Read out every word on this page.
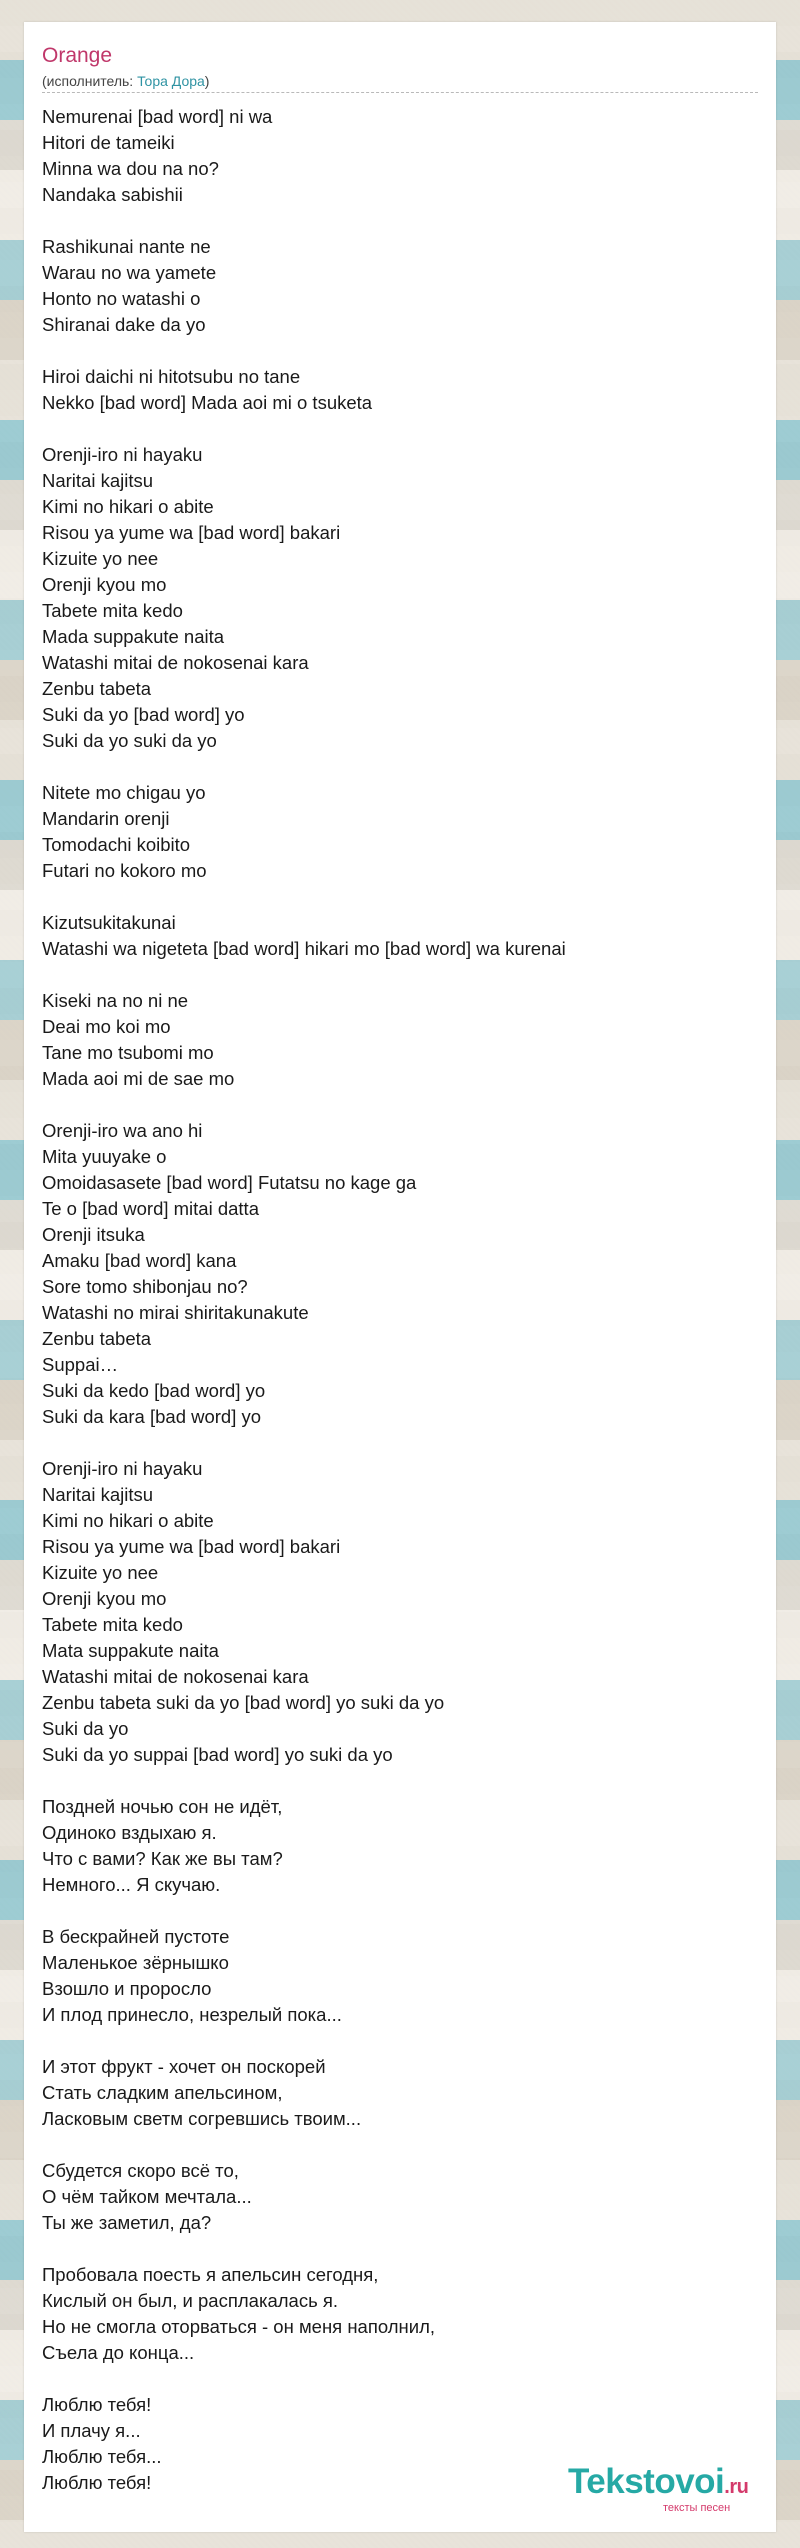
Orange
(исполнитель: Тора Дора)

Nemurenai [bad word] ni wa
Hitori de tameiki
Minna wa dou na no?
Nandaka sabishii

Rashikunai nante ne
Warau no wa yamete
Honto no watashi o
Shiranai dake da yo

Hiroi daichi ni hitotsubu no tane
Nekko [bad word] Mada aoi mi o tsuketa

Orenji-iro ni hayaku
Naritai kajitsu
Kimi no hikari o abite
Risou ya yume wa [bad word] bakari
Kizuite yo nee
Orenji kyou mo
Tabete mita kedo
Mada suppakute naita
Watashi mitai de nokosenai kara
Zenbu tabeta
Suki da yo [bad word] yo
Suki da yo suki da yo

Nitete mo chigau yo
Mandarin orenji
Tomodachi koibito
Futari no kokoro mo

Kizutsukitakunai
Watashi wa nigeteta [bad word] hikari mo [bad word] wa kurenai

Kiseki na no ni ne
Deai mo koi mo
Tane mo tsubomi mo
Mada aoi mi de sae mo

Orenji-iro wa ano hi
Mita yuuyake o
Omoidasasete [bad word] Futatsu no kage ga
Te o [bad word] mitai datta
Orenji itsuka
Amaku [bad word] kana
Sore tomo shibonjau no?
Watashi no mirai shiritakunakute
Zenbu tabeta
Suppai…
Suki da kedo [bad word] yo
Suki da kara [bad word] yo

Orenji-iro ni hayaku
Naritai kajitsu
Kimi no hikari o abite
Risou ya yume wa [bad word] bakari
Kizuite yo nee
Orenji kyou mo
Tabete mita kedo
Mata suppakute naita
Watashi mitai de nokosenai kara
Zenbu tabeta suki da yo [bad word] yo suki da yo
Suki da yo
Suki da yo suppai [bad word] yo suki da yo

Поздней ночью сон не идёт,
Одиноко вздыхаю я.
Что с вами? Как же вы там?
Немного... Я скучаю.

В бескрайней пустоте
Маленькое зёрнышко
Взошло и проросло
И плод принесло, незрелый пока...

И этот фрукт - хочет он поскорей
Стать сладким апельсином,
Ласковым светм согревшись твоим...

Сбудется скоро всё то,
О чём тайком мечтала...
Ты же заметил, да?

Пробовала поесть я апельсин сегодня,
Кислый он был, и расплакалась я.
Но не смогла оторваться - он меня наполнил,
Съела до конца...

Люблю тебя!
И плачу я...
Люблю тебя...
Люблю тебя!	Tekstovoi.ru
тексты песен
